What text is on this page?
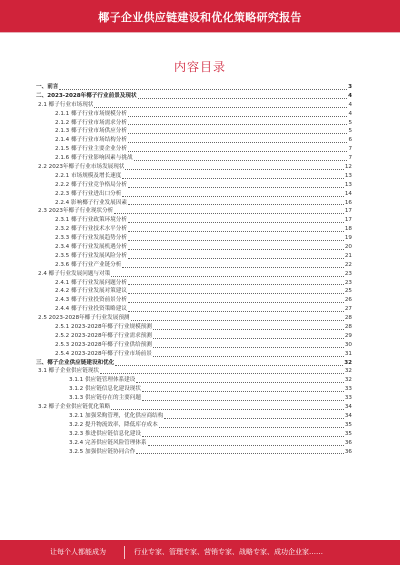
椰子企业供应链建设和优化策略研究报告
内容目录
一、前言	3
二、2023-2028年椰子行业前景及现状	4
2.1 椰子行业市场现状	4
2.1.1 椰子行业市场规模分析	4
2.1.2 椰子行业市场需求分析	5
2.1.3 椰子行业市场供应分析	5
2.1.4 椰子行业市场结构分析	6
2.1.5 椰子行业主要企业分析	7
2.1.6 椰子行业影响因素与挑战	7
2.2 2023年椰子行业市场发展现状	12
2.2.1 市场规模及增长速度	13
2.2.2 椰子行业竞争格局分析	13
2.2.3 椰子行业进出口分析	14
2.2.4 影响椰子行业发展因素	16
2.3 2023年椰子行业现状分析	17
2.3.1 椰子行业政策环境分析	17
2.3.2 椰子行业技术水平分析	18
2.3.3 椰子行业发展趋势分析	19
2.3.4 椰子行业发展机遇分析	20
2.3.5 椰子行业发展风险分析	21
2.3.6 椰子行业产业链分析	22
2.4 椰子行业发展问题与对策	23
2.4.1 椰子行业发展问题分析	23
2.4.2 椰子行业发展对策建议	25
2.4.3 椰子行业投资前景分析	26
2.4.4 椰子行业投资策略建议	27
2.5 2023-2028年椰子行业发展预测	28
2.5.1 2023-2028年椰子行业规模预测	28
2.5.2 2023-2028年椰子行业需求预测	29
2.5.3 2023-2028年椰子行业供给预测	30
2.5.4 2023-2028年椰子行业市场前景	31
三、椰子企业供应链建设和优化	32
3.1 椰子企业供应链现状	32
3.1.1 供应链管理体系建设	32
3.1.2 供应链信息化建设现状	33
3.1.3 供应链存在的主要问题	33
3.2 椰子企业供应链优化策略	34
3.2.1 加强采购管理，优化供应商结构	34
3.2.2 提升物流效率，降低库存成本	35
3.2.3 推进供应链信息化建设	35
3.2.4 完善供应链风险管理体系	36
3.2.5 加强供应链协同合作	36
让每个人都能成为	行业专家、管理专家、营销专家、战略专家、成功企业家……
